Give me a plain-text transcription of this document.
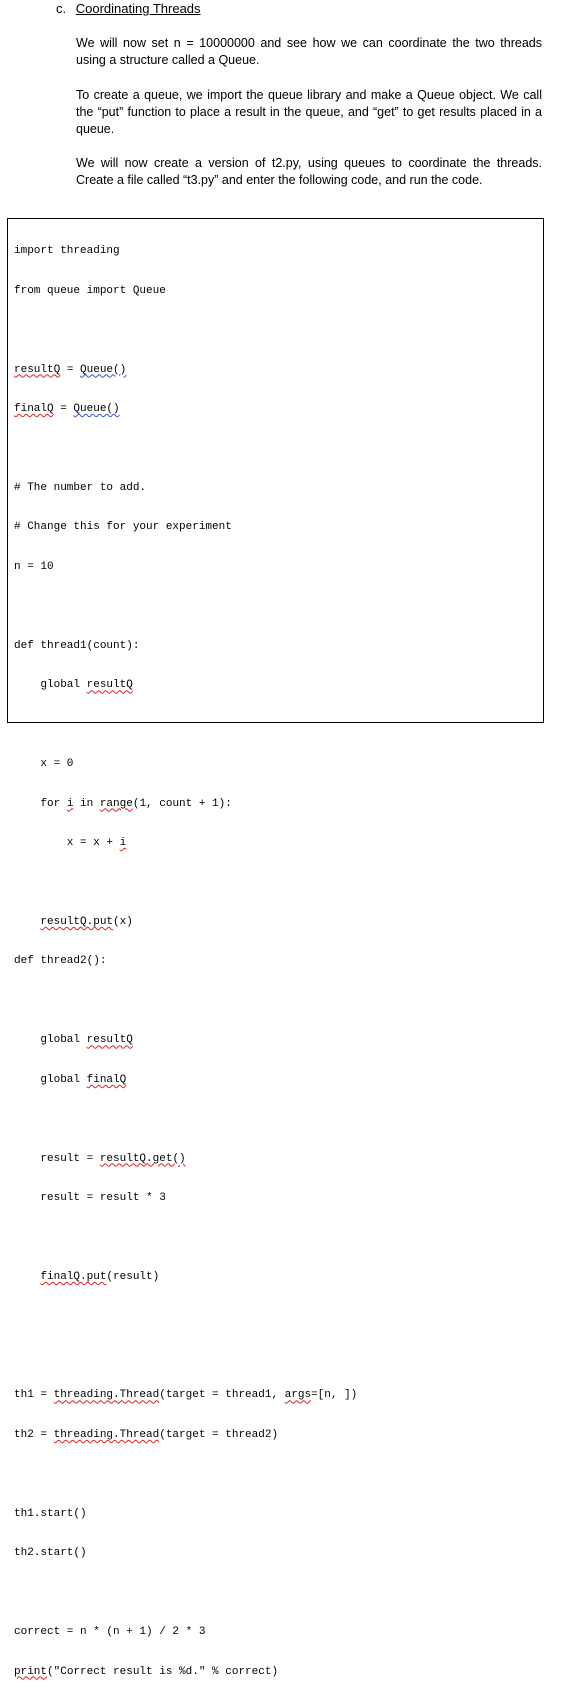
c. Coordinating Threads

We will now set n = 10000000 and see how we can coordinate the two threads using a structure called a Queue.

To create a queue, we import the queue library and make a Queue object. We call the “put” function to place a result in the queue, and “get” to get results placed in a queue.

We will now create a version of t2.py, using queues to coordinate the threads. Create a file called “t3.py” and enter the following code, and run the code.

import threading

from queue import Queue

resultQ = Queue()

finalQ = Queue()

# The number to add.

# Change this for your experiment

n = 10

def thread1(count):

global resultQ

x = 0

for i in range(1, count + 1):

x = x + i

resultQ.put(x)

def thread2():

global resultQ

global finalQ

result = resultQ.get()

result = result * 3

finalQ.put(result)

th1 = threading.Thread(target = thread1, args=[n, ])

th2 = threading.Thread(target = thread2)

th1.start()

th2.start()

correct = n * (n + 1) / 2 * 3

print("Correct result is %d." % correct)
